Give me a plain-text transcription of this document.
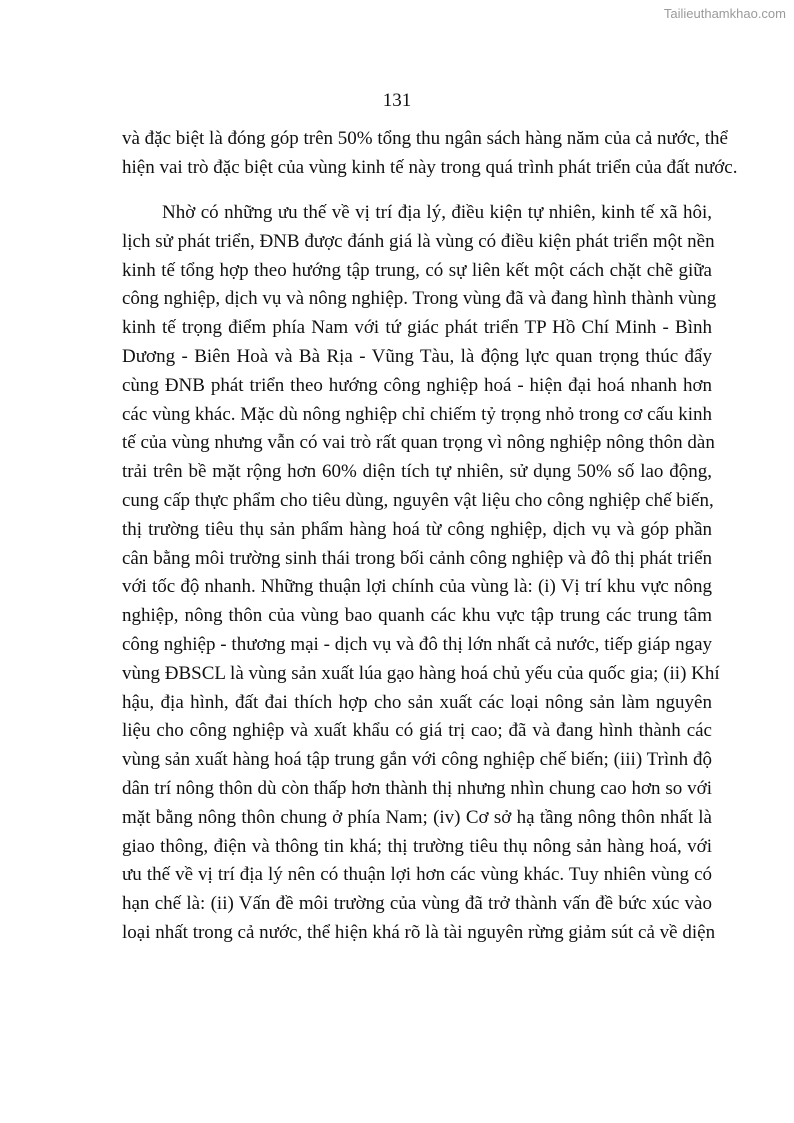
Tailieuthamkhao.com
131
và đặc biệt là đóng góp trên 50% tổng thu ngân sách hàng năm của cả nước, thể
hiện vai trò đặc biệt của vùng kinh tế này trong quá trình phát triển của đất nước.
Nhờ có những ưu thế về vị trí địa lý, điều kiện tự nhiên, kinh tế xã hôi,
lịch sử phát triển, ĐNB được đánh giá là vùng có điều kiện phát triển một nền
kinh tế tổng hợp theo hướng tập trung, có sự liên kết một cách chặt chẽ giữa
công nghiệp, dịch vụ và nông nghiệp. Trong vùng đã và đang hình thành vùng
kinh tế trọng điểm phía Nam với tứ giác phát triển TP Hồ Chí Minh - Bình
Dương - Biên Hoà và Bà Rịa - Vũng Tàu, là động lực quan trọng thúc đẩy
cùng ĐNB phát triển theo hướng công nghiệp hoá - hiện đại hoá nhanh hơn
các vùng khác. Mặc dù nông nghiệp chỉ chiếm tỷ trọng nhỏ trong cơ cấu kinh
tế của vùng nhưng vẫn có vai trò rất quan trọng vì nông nghiệp nông thôn dàn
trải trên bề mặt rộng hơn 60% diện tích tự nhiên, sử dụng 50% số lao động,
cung cấp thực phẩm cho tiêu dùng, nguyên vật liệu cho công nghiệp chế biến,
thị trường tiêu thụ sản phẩm hàng hoá từ công nghiệp, dịch vụ và góp phần
cân bằng môi trường sinh thái trong bối cảnh công nghiệp và đô thị phát triển
với tốc độ nhanh. Những thuận lợi chính của vùng là: (i) Vị trí khu vực nông
nghiệp, nông thôn của vùng bao quanh các khu vực tập trung các trung tâm
công nghiệp - thương mại - dịch vụ và đô thị lớn nhất cả nước, tiếp giáp ngay
vùng ĐBSCL là vùng sản xuất lúa gạo hàng hoá chủ yếu của quốc gia; (ii) Khí
hậu, địa hình, đất đai thích hợp cho sản xuất các loại nông sản làm nguyên
liệu cho công nghiệp và xuất khẩu có giá trị cao; đã và đang hình thành các
vùng sản xuất hàng hoá tập trung gắn với công nghiệp chế biến; (iii) Trình độ
dân trí nông thôn dù còn thấp hơn thành thị nhưng nhìn chung cao hơn so với
mặt bằng nông thôn chung ở phía Nam; (iv) Cơ sở hạ tầng nông thôn nhất là
giao thông, điện và thông tin khá; thị trường tiêu thụ nông sản hàng hoá, với
ưu thế về vị trí địa lý nên có thuận lợi hơn các vùng khác. Tuy nhiên vùng có
hạn chế là: (ii) Vấn đề môi trường của vùng đã trở thành vấn đề bức xúc vào
loại nhất trong cả nước, thể hiện khá rõ là tài nguyên rừng giảm sút cả về diện
